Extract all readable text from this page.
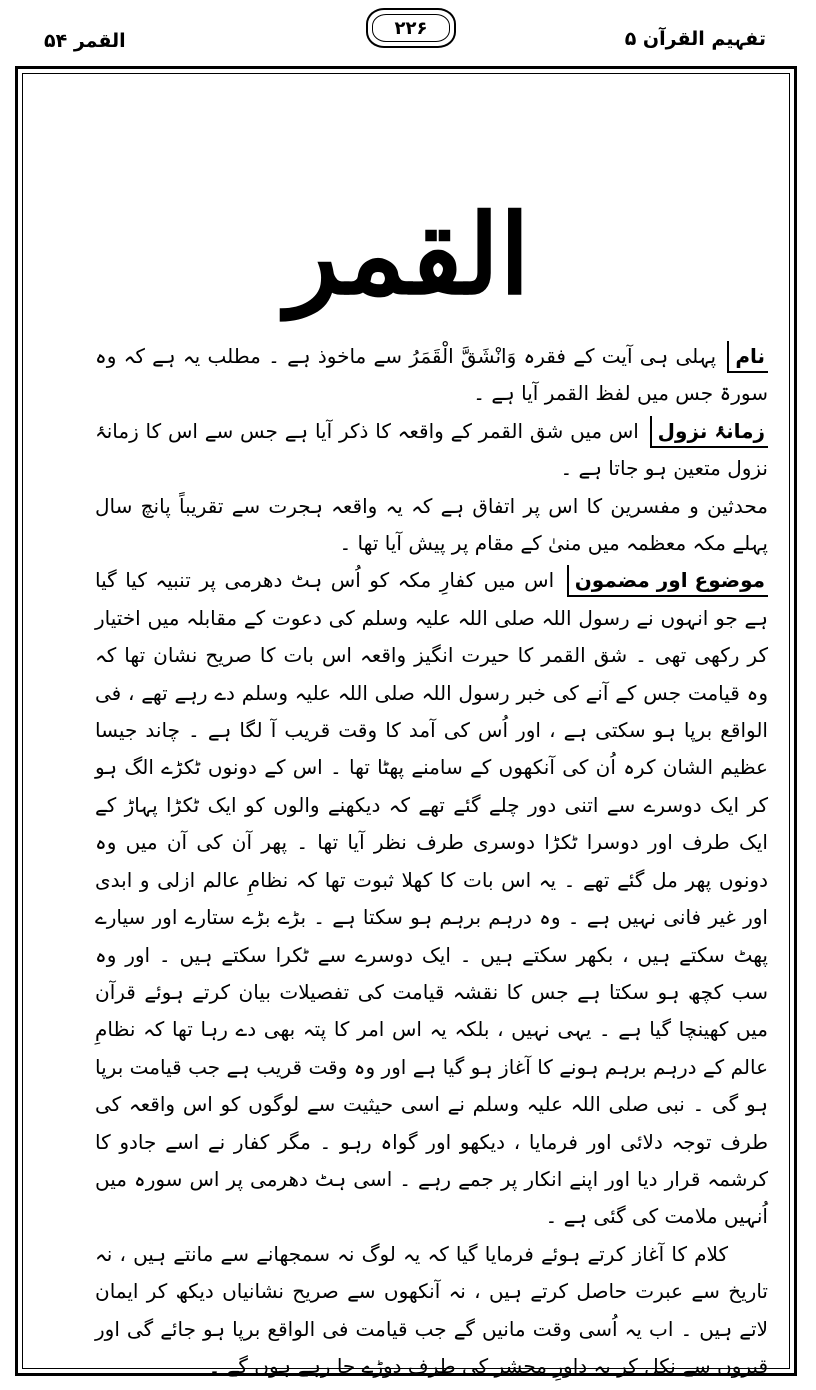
القمر ۵۴
۲۲۶	تفہیم القرآن ۵
القمر

نام پہلی ہی آیت کے فقرہ وَانْشَقَّ الْقَمَرُ سے ماخوذ ہے ۔ مطلب یہ ہے کہ وہ سورۃ جس میں لفظ القمر آیا ہے ۔

زمانۂ نزول اس میں شق القمر کے واقعہ کا ذکر آیا ہے جس سے اس کا زمانۂ نزول متعین ہو جاتا ہے ۔

محدثین و مفسرین کا اس پر اتفاق ہے کہ یہ واقعہ ہجرت سے تقریباً پانچ سال پہلے مکہ معظمہ میں منیٰ کے مقام پر پیش آیا تھا ۔

موضوع اور مضمون اس میں کفارِ مکہ کو اُس ہٹ دھرمی پر تنبیہ کیا گیا ہے جو انہوں نے رسول اللہ صلی اللہ علیہ وسلم کی دعوت کے مقابلہ میں اختیار کر رکھی تھی ۔ شق القمر کا حیرت انگیز واقعہ اس بات کا صریح نشان تھا کہ وہ قیامت جس کے آنے کی خبر رسول اللہ صلی اللہ علیہ وسلم دے رہے تھے ، فی الواقع برپا ہو سکتی ہے ، اور اُس کی آمد کا وقت قریب آ لگا ہے ۔ چاند جیسا عظیم الشان کرہ اُن کی آنکھوں کے سامنے پھٹا تھا ۔ اس کے دونوں ٹکڑے الگ ہو کر ایک دوسرے سے اتنی دور چلے گئے تھے کہ دیکھنے والوں کو ایک ٹکڑا پہاڑ کے ایک طرف اور دوسرا ٹکڑا دوسری طرف نظر آیا تھا ۔ پھر آن کی آن میں وہ دونوں پھر مل گئے تھے ۔ یہ اس بات کا کھلا ثبوت تھا کہ نظامِ عالم ازلی و ابدی اور غیر فانی نہیں ہے ۔ وہ درہم برہم ہو سکتا ہے ۔ بڑے بڑے ستارے اور سیارے پھٹ سکتے ہیں ، بکھر سکتے ہیں ۔ ایک دوسرے سے ٹکرا سکتے ہیں ۔ اور وہ سب کچھ ہو سکتا ہے جس کا نقشہ قیامت کی تفصیلات بیان کرتے ہوئے قرآن میں کھینچا گیا ہے ۔ یہی نہیں ، بلکہ یہ اس امر کا پتہ بھی دے رہا تھا کہ نظامِ عالم کے درہم برہم ہونے کا آغاز ہو گیا ہے اور وہ وقت قریب ہے جب قیامت برپا ہو گی ۔ نبی صلی اللہ علیہ وسلم نے اسی حیثیت سے لوگوں کو اس واقعہ کی طرف توجہ دلائی اور فرمایا ، دیکھو اور گواہ رہو ۔ مگر کفار نے اسے جادو کا کرشمہ قرار دیا اور اپنے انکار پر جمے رہے ۔ اسی ہٹ دھرمی پر اس سورہ میں اُنہیں ملامت کی گئی ہے ۔

کلام کا آغاز کرتے ہوئے فرمایا گیا کہ یہ لوگ نہ سمجھانے سے مانتے ہیں ، نہ تاریخ سے عبرت حاصل کرتے ہیں ، نہ آنکھوں سے صریح نشانیاں دیکھ کر ایمان لاتے ہیں ۔ اب یہ اُسی وقت مانیں گے جب قیامت فی الواقع برپا ہو جائے گی اور قبروں سے نکل کر یہ داورِ محشر کی طرف دوڑے جا رہے ہوں گے ۔
